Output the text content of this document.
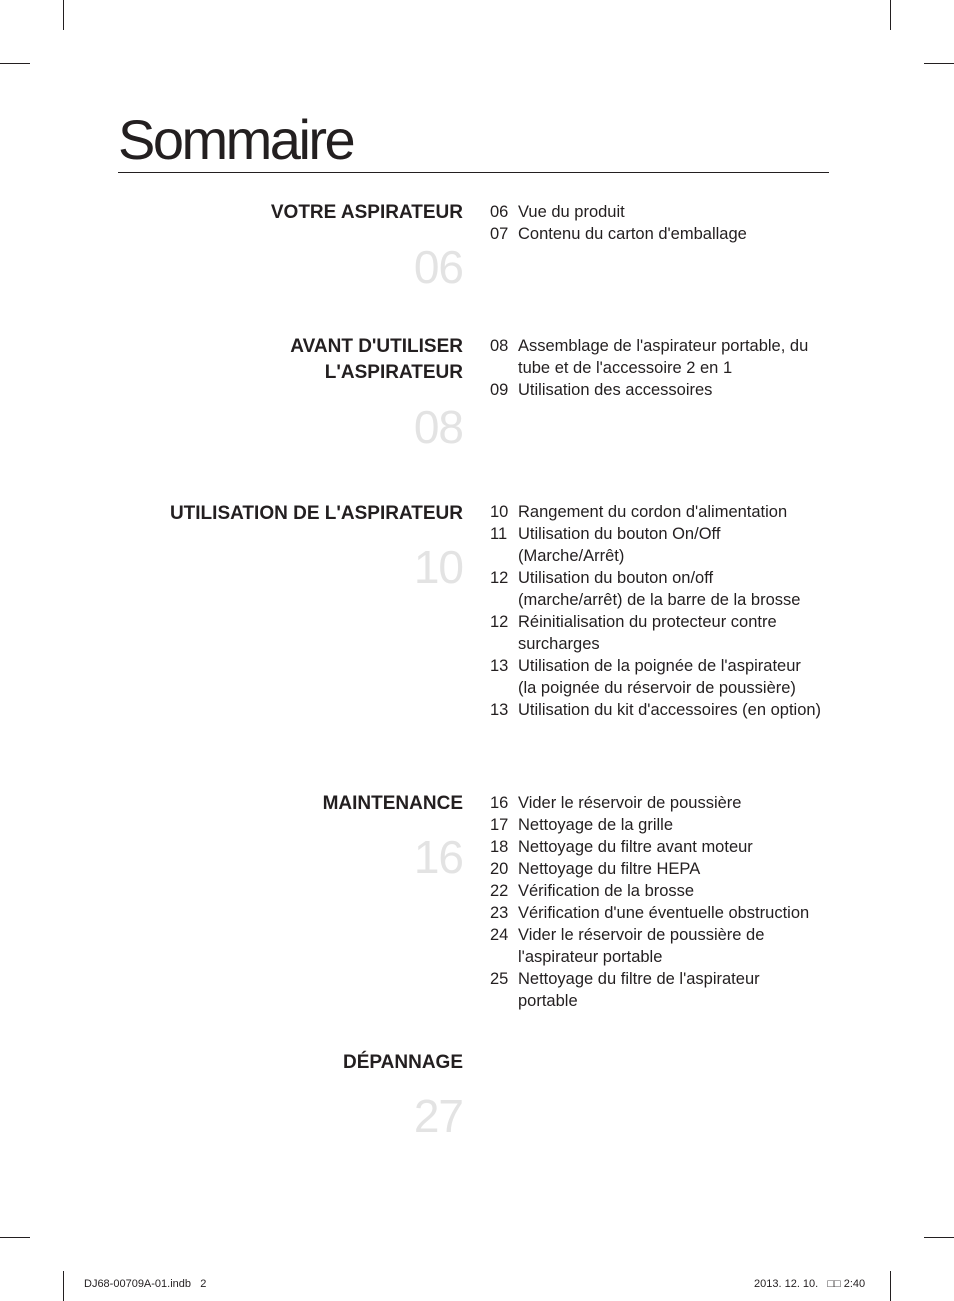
Sommaire
VOTRE ASPIRATEUR
06
06 Vue du produit
07 Contenu du carton d'emballage
AVANT D'UTILISER L'ASPIRATEUR
08
08 Assemblage de l'aspirateur portable, du tube et de l'accessoire 2 en 1
09 Utilisation des accessoires
UTILISATION DE L'ASPIRATEUR
10
10 Rangement du cordon d'alimentation
11 Utilisation du bouton On/Off (Marche/Arrêt)
12 Utilisation du bouton on/off (marche/arrêt) de la barre de la brosse
12 Réinitialisation du protecteur contre surcharges
13 Utilisation de la poignée de l'aspirateur (la poignée du réservoir de poussière)
13 Utilisation du kit d'accessoires (en option)
MAINTENANCE
16
16 Vider le réservoir de poussière
17 Nettoyage de la grille
18 Nettoyage du filtre avant moteur
20 Nettoyage du filtre HEPA
22 Vérification de la brosse
23 Vérification d'une éventuelle obstruction
24 Vider le réservoir de poussière de l'aspirateur portable
25 Nettoyage du filtre de l'aspirateur portable
DÉPANNAGE
27
DJ68-00709A-01.indb   2	2013. 12. 10.   □□ 2:40
